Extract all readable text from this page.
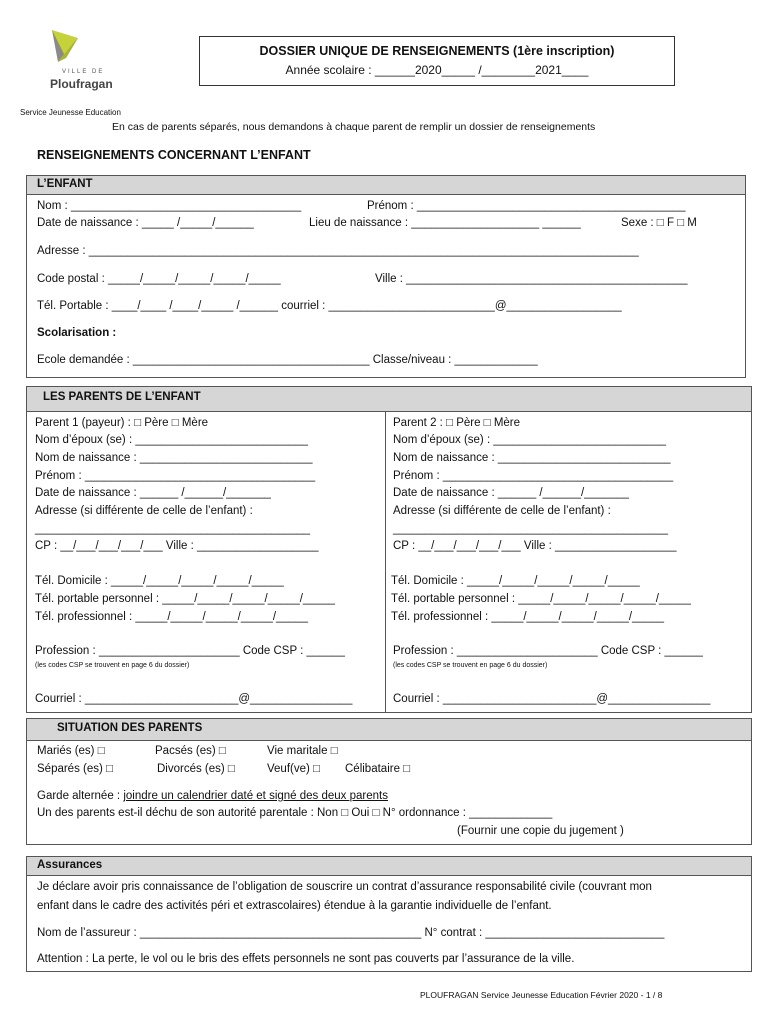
VILLE DE
Ploufragan
DOSSIER UNIQUE DE RENSEIGNEMENTS (1ère inscription)
Année scolaire : ______2020_____ /________2021____
Service Jeunesse Education
En cas de parents séparés, nous demandons à chaque parent de remplir un dossier de renseignements
RENSEIGNEMENTS CONCERNANT L’ENFANT
L’ENFANT
Nom : ____________________________________	Prénom : __________________________________________
Date de naissance : _____ /_____/______	Lieu de naissance : ____________________ ______	Sexe : □ F □ M
Adresse : ______________________________________________________________________________________
Code postal : _____/_____/_____/_____/_____	Ville : ____________________________________________
Tél. Portable : ____/____ /____/_____ /______ courriel : __________________________@__________________
Scolarisation :
Ecole demandée : _____________________________________ Classe/niveau : _____________
LES PARENTS DE L’ENFANT
Parent 1 (payeur) : □ Père □ Mère
Nom d’époux (se) : ___________________________
Nom de naissance : ___________________________
Prénom : ____________________________________
Date de naissance : ______ /______/_______
Adresse (si différente de celle de l’enfant) :
___________________________________________
CP : __/___/___/___/___ Ville : ___________________
Tél. Domicile : _____/_____/_____/_____/_____
Tél. portable personnel : _____/_____/_____/_____/_____
Tél. professionnel : _____/_____/_____/_____/_____
Profession : ______________________ Code CSP : ______
(les codes CSP se trouvent en page 6 du dossier)
Courriel : ________________________@________________
Parent 2 : □ Père □ Mère
Nom d’époux (se) : ___________________________
Nom de naissance : ___________________________
Prénom : ____________________________________
Date de naissance : ______ /______/_______
Adresse (si différente de celle de l’enfant) :
___________________________________________
CP : __/___/___/___/___ Ville : ___________________
Tél. Domicile : _____/_____/_____/_____/_____
Tél. portable personnel : _____/_____/_____/_____/_____
Tél. professionnel : _____/_____/_____/_____/_____
Profession : ______________________ Code CSP : ______
(les codes CSP se trouvent en page 6 du dossier)
Courriel : ________________________@________________
SITUATION DES PARENTS
Mariés (es) □	Pacsés (es) □	Vie maritale □
Séparés (es) □	Divorcés (es) □	Veuf(ve) □ Célibataire □
Garde alternée : joindre un calendrier daté et signé des deux parents
Un des parents est-il déchu de son autorité parentale : Non □ Oui □ N° ordonnance : _____________
(Fournir une copie du jugement )
Assurances
Je déclare avoir pris connaissance de l’obligation de souscrire un contrat d’assurance responsabilité civile (couvrant mon
enfant dans le cadre des activités péri et extrascolaires) étendue à la garantie individuelle de l’enfant.
Nom de l’assureur : ____________________________________________ N° contrat : ____________________________
Attention : La perte, le vol ou le bris des effets personnels ne sont pas couverts par l’assurance de la ville.
PLOUFRAGAN Service Jeunesse Education Février 2020 - 1 / 8
